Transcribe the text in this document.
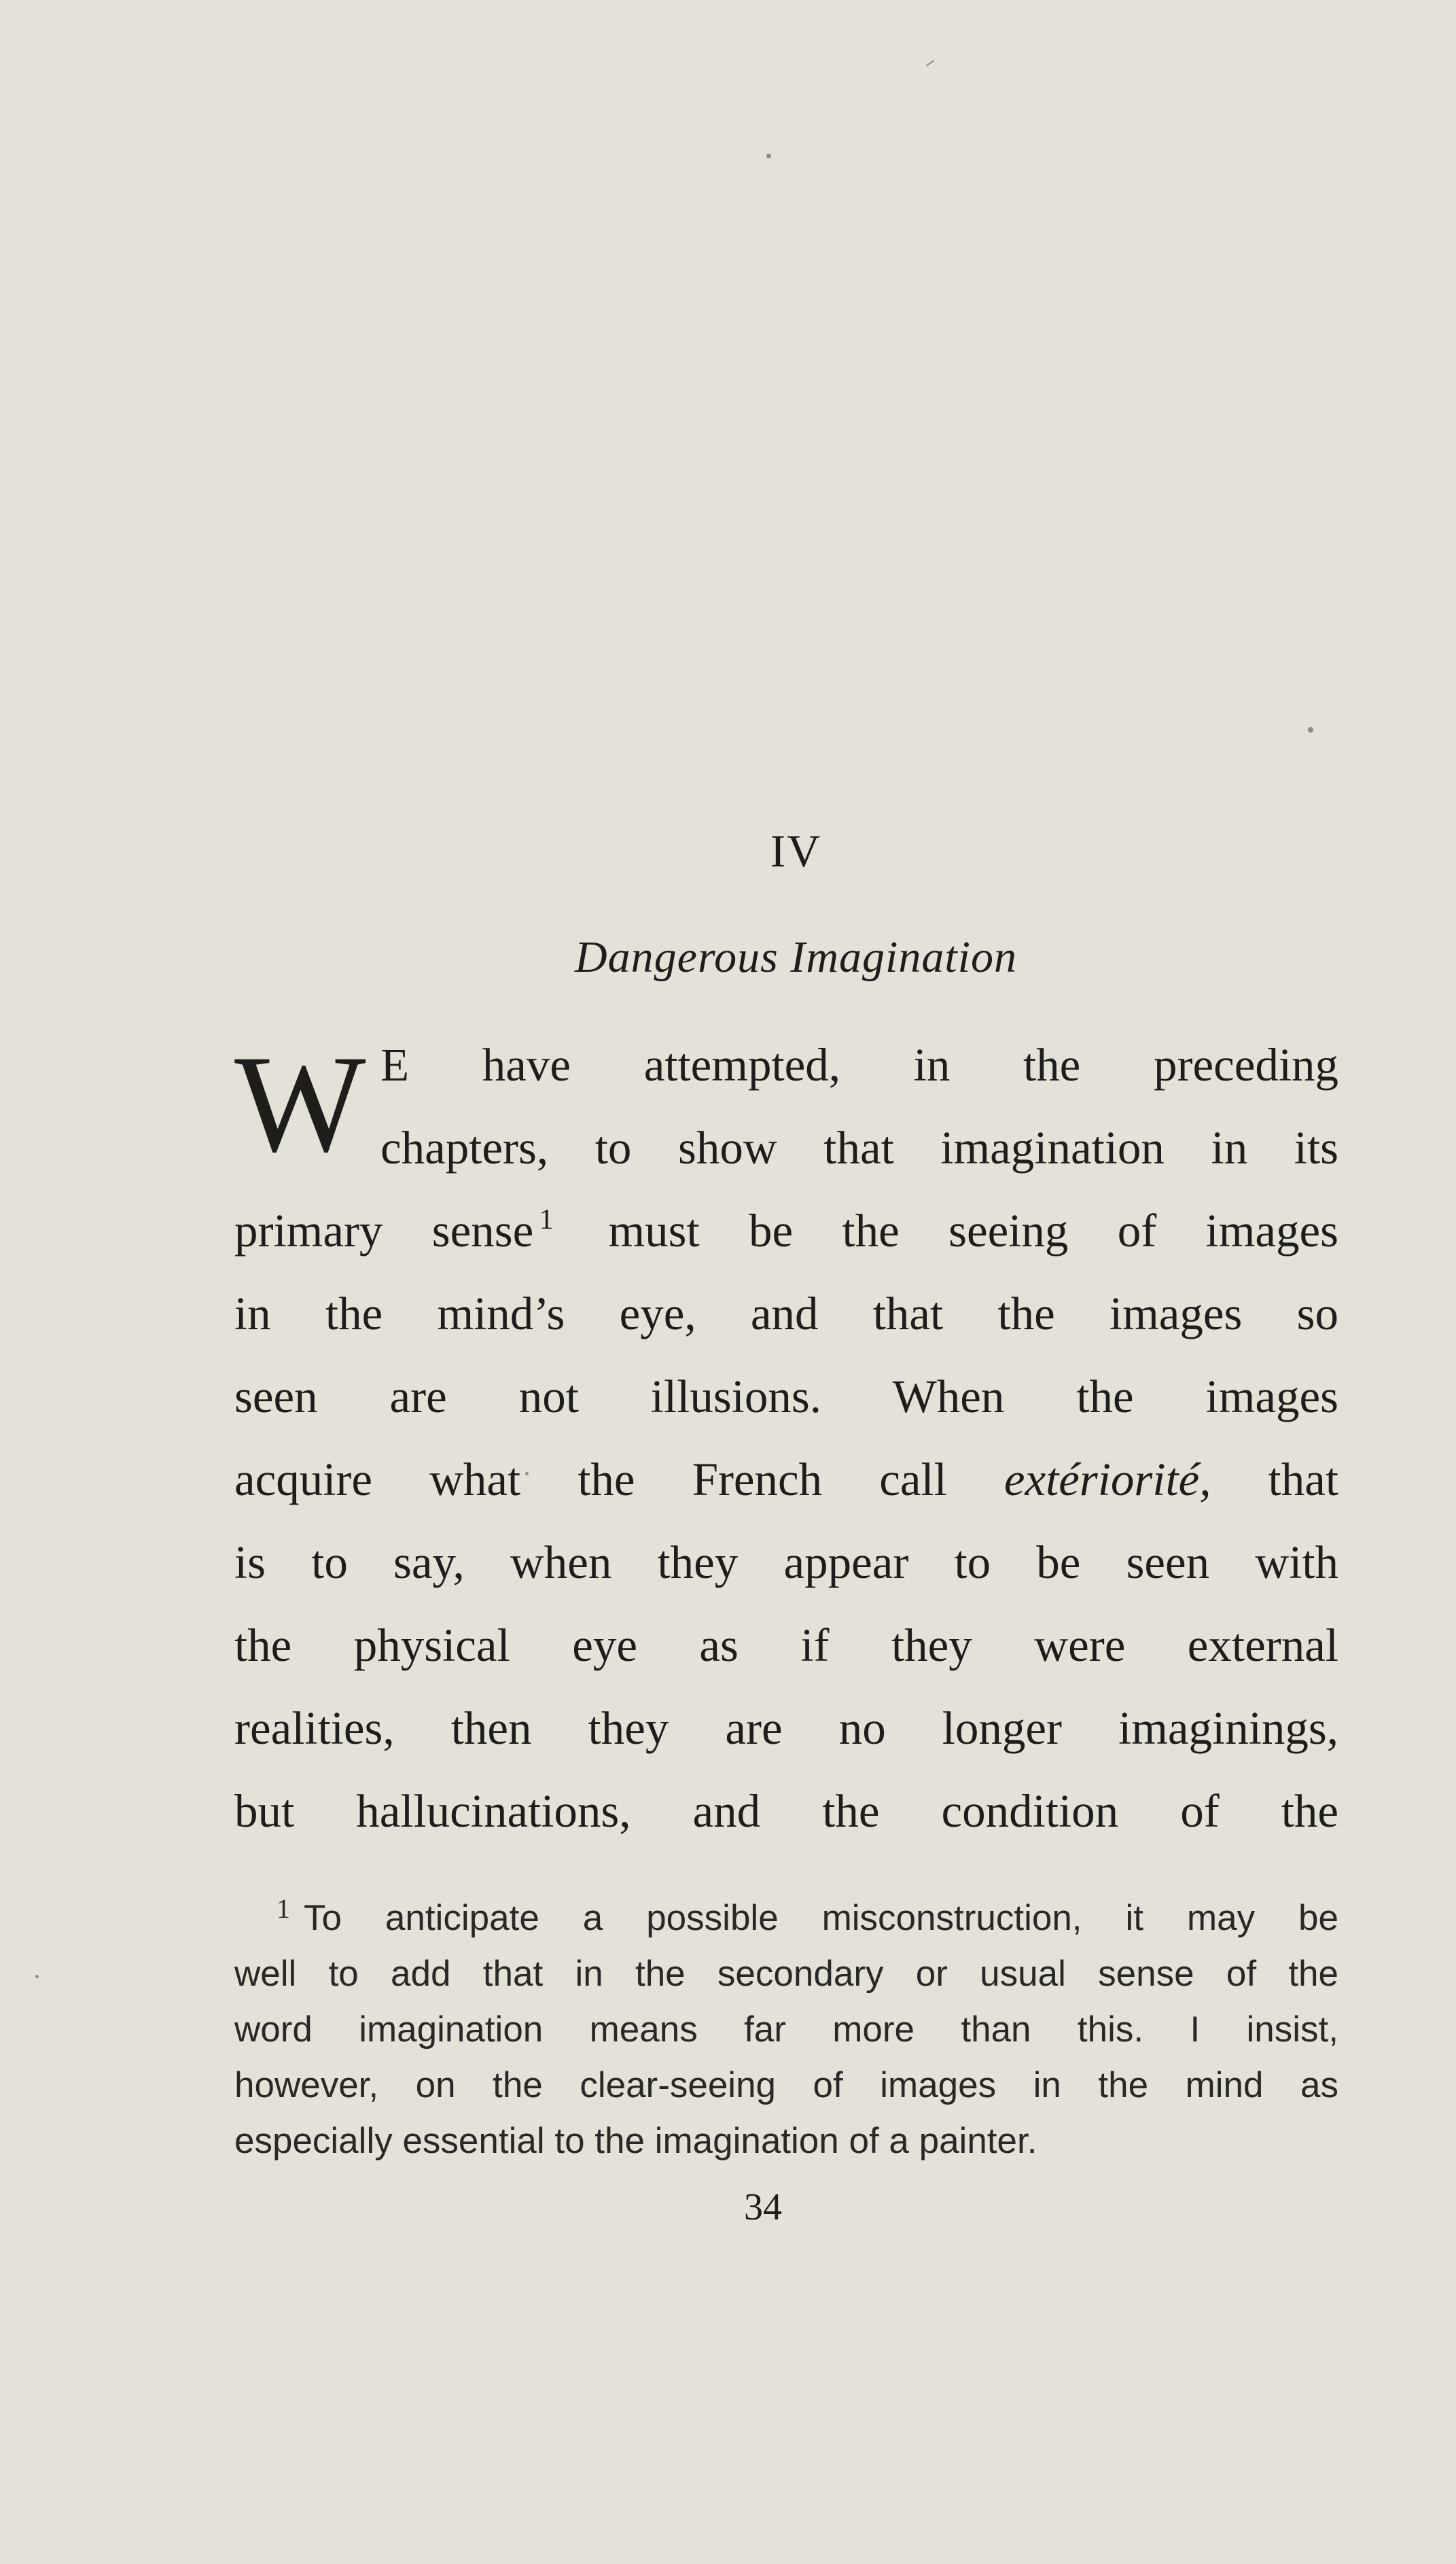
IV
Dangerous Imagination
W E have attempted, in the preceding
chapters, to show that imagination in its
primary sense  $^1$  must be the seeing of images
in the mind’s eye, and that the images so
seen are not illusions. When the images
acquire what the French call extériorité, that
is to say, when they appear to be seen with
the physical eye as if they were external
realities, then they are no longer imaginings,
but hallucinations, and the condition of the
$^1$ To anticipate a possible misconstruction, it may be
well to add that in the secondary or usual sense of the
word imagination means far more than this. I insist,
however, on the clear-seeing of images in the mind as
especially essential to the imagination of a painter.
34
